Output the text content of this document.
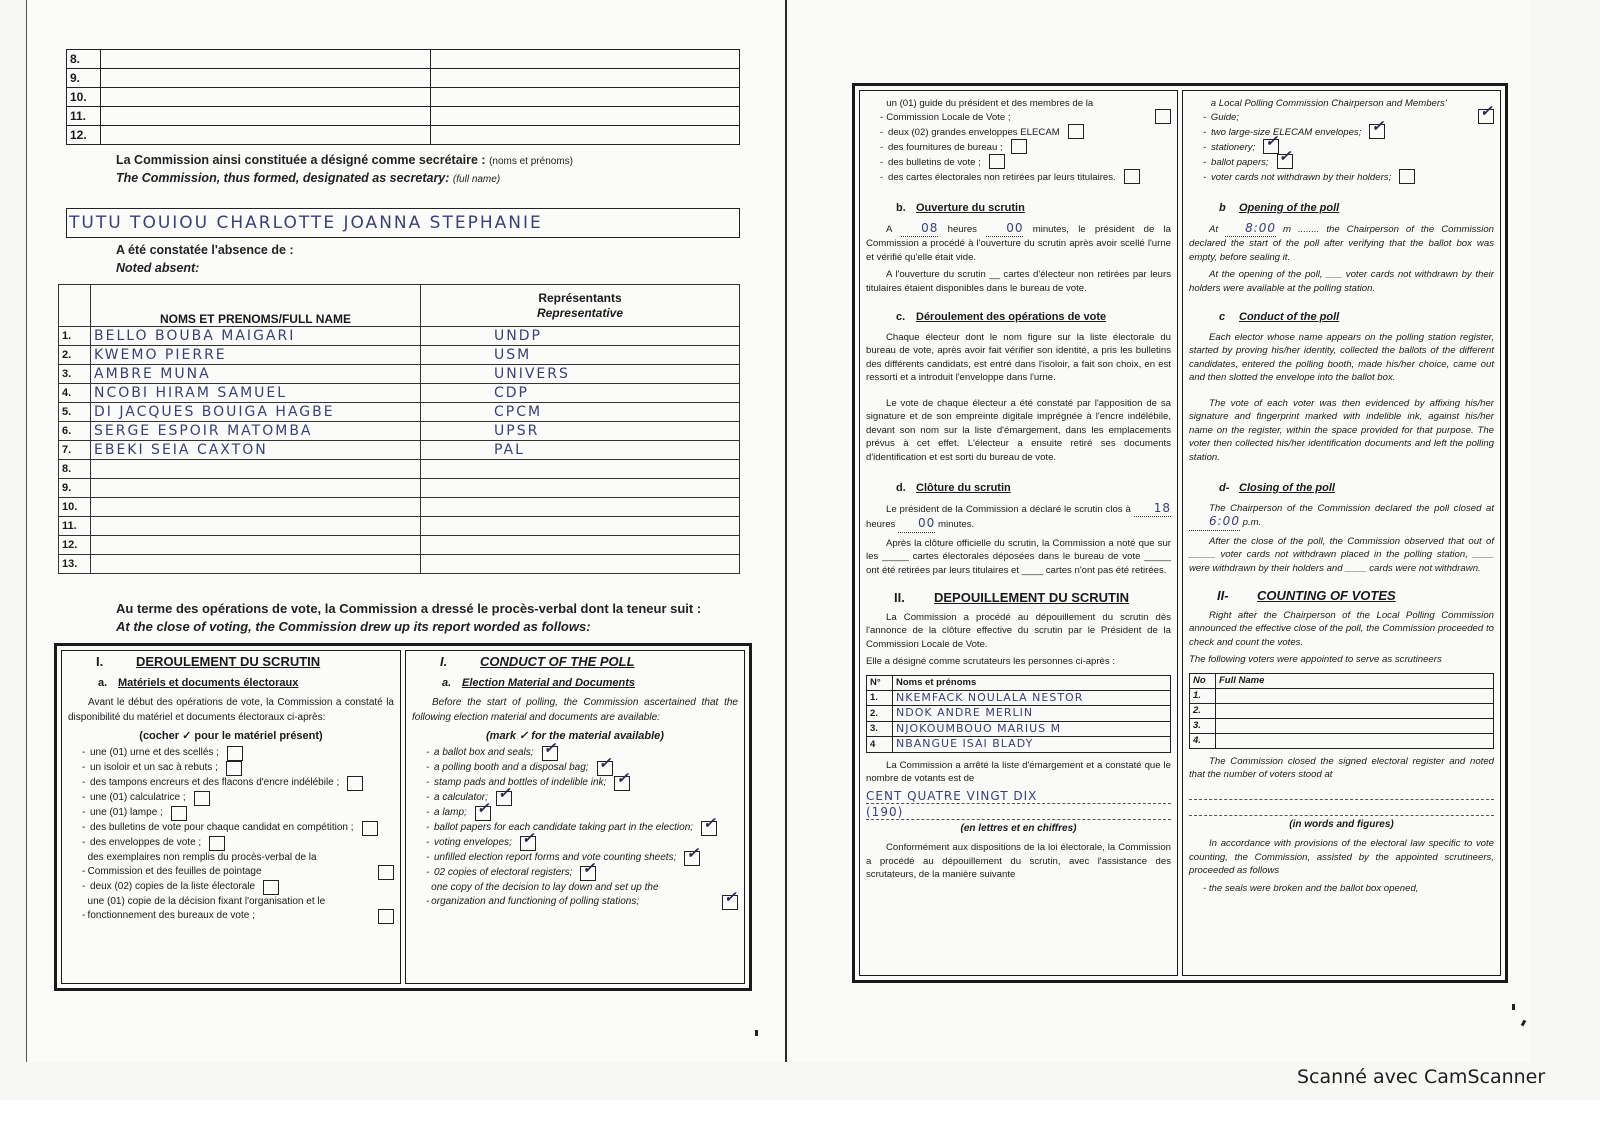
8.		
9.		
10.		
11.		
12.		
La Commission ainsi constituée a désigné comme secrétaire : (noms et prénoms)
The Commission, thus formed, designated as secretary: (full name)
TUTU TOUIOU CHARLOTTE JOANNA STEPHANIE
A été constatée l'absence de :
Noted absent:
	NOMS ET PRENOMS/FULL NAME	Représentants
Representative
1.	BELLO BOUBA MAIGARI	UNDP
2.	KWEMO PIERRE	USM
3.	AMBRE MUNA	UNIVERS
4.	NCOBI HIRAM SAMUEL	CDP
5.	DI JACQUES BOUIGA HAGBE	CPCM
6.	SERGE ESPOIR MATOMBA	UPSR
7.	EBEKI SEIA CAXTON	PAL
8.		
9.		
10.		
11.		
12.		
13.		
Au terme des opérations de vote, la Commission a dressé le procès-verbal dont la teneur suit :
At the close of voting, the Commission drew up its report worded as follows:
I.	DEROULEMENT DU SCRUTIN
a. Matériels et documents électoraux
Avant le début des opérations de vote, la Commission a constaté la disponibilité du matériel et documents électoraux ci-après:
(cocher ✓ pour le matériel présent)
- une (01) urne et des scellés ;
- un isoloir et un sac à rebuts ;
- des tampons encreurs et des flacons d'encre indélébile ;
- une (01) calculatrice ;
- une (01) lampe ;
- des bulletins de vote pour chaque candidat en compétition ;
- des enveloppes de vote ;
-
des exemplaires non remplis du procès-verbal de la Commission et des feuilles de pointage
- deux (02) copies de la liste électorale
-
une (01) copie de la décision fixant l'organisation et le fonctionnement des bureaux de vote ;
I.	CONDUCT OF THE POLL
a. Election Material and Documents
Before the start of polling, the Commission ascertained that the following election material and documents are available:
(mark ✓ for the material available)
- a ballot box and seals;
✓
- a polling booth and a disposal bag;
✓
- stamp pads and bottles of indelible ink;
✓
- a calculator;
✓
- a lamp;
✓
- ballot papers for each candidate taking part in the election;
✓
- voting envelopes;
✓
- unfilled election report forms and vote counting sheets;
✓
- 02 copies of electoral registers;
✓
-
one copy of the decision to lay down and set up the organization and functioning of polling stations;
✓
-
un (01) guide du président et des membres de la Commission Locale de Vote ;
- deux (02) grandes enveloppes ELECAM
- des fournitures de bureau ;
- des bulletins de vote ;
- des cartes électorales non retirées par leurs titulaires.
b. Ouverture du scrutin
A 08 heures 00 minutes, le président de la Commission a procédé à l'ouverture du scrutin après avoir scellé l'urne et vérifié qu'elle était vide.
A l'ouverture du scrutin __ cartes d'électeur non retirées par leurs titulaires étaient disponibles dans le bureau de vote.
c. Déroulement des opérations de vote
Chaque électeur dont le nom figure sur la liste électorale du bureau de vote, après avoir fait vérifier son identité, a pris les bulletins des différents candidats, est entré dans l'isoloir, a fait son choix, en est ressorti et a introduit l'enveloppe dans l'urne.
Le vote de chaque électeur a été constaté par l'apposition de sa signature et de son empreinte digitale imprégnée à l'encre indélébile, devant son nom sur la liste d'émargement, dans les emplacements prévus à cet effet. L'électeur a ensuite retiré ses documents d'identification et est sorti du bureau de vote.
d. Clôture du scrutin
Le président de la Commission a déclaré le scrutin clos à 18 heures 00 minutes.
Après la clôture officielle du scrutin, la Commission a noté que sur les _____ cartes électorales déposées dans le bureau de vote _____ ont été retirées par leurs titulaires et ____ cartes n'ont pas été retirées.
II.	DEPOUILLEMENT DU SCRUTIN
La Commission a procédé au dépouillement du scrutin dès l'annonce de la clôture effective du scrutin par le Président de la Commission Locale de Vote.
Elle a désigné comme scrutateurs les personnes ci-après :
N°	Noms et prénoms
1.	NKEMFACK NOULALA NESTOR
2.	NDOK ANDRE MERLIN
3.	NJOKOUMBOUO MARIUS M
4	NBANGUE ISAI BLADY
La Commission a arrêté la liste d'émargement et a constaté que le nombre de votants est de
CENT QUATRE VINGT DIX
(190)
(en lettres et en chiffres)
Conformément aux dispositions de la loi électorale, la Commission a procédé au dépouillement du scrutin, avec l'assistance des scrutateurs, de la manière suivante
-
a Local Polling Commission Chairperson and Members' Guide;
✓
- two large-size ELECAM envelopes;
✓
- stationery;
✓
- ballot papers;
✓
- voter cards not withdrawn by their holders;
b Opening of the poll
At 8:00 m ........ the Chairperson of the Commission declared the start of the poll after verifying that the ballot box was empty, before sealing it.
At the opening of the poll, ___ voter cards not withdrawn by their holders were available at the polling station.
c Conduct of the poll
Each elector whose name appears on the polling station register, started by proving his/her identity, collected the ballots of the different candidates, entered the polling booth, made his/her choice, came out and then slotted the envelope into the ballot box.
The vote of each voter was then evidenced by affixing his/her signature and fingerprint marked with indelible ink, against his/her name on the register, within the space provided for that purpose. The voter then collected his/her identification documents and left the polling station.
d- Closing of the poll
The Chairperson of the Commission declared the poll closed at 6:00 p.m.
After the close of the poll, the Commission observed that out of _____ voter cards not withdrawn placed in the polling station, ____ were withdrawn by their holders and ____ cards were not withdrawn.
II-	COUNTING OF VOTES
Right after the Chairperson of the Local Polling Commission announced the effective close of the poll, the Commission proceeded to check and count the votes.
The following voters were appointed to serve as scrutineers
No	Full Name
1.	
2.	
3.	
4.	
The Commission closed the signed electoral register and noted that the number of voters stood at
(in words and figures)
In accordance with provisions of the electoral law specific to vote counting, the Commission, assisted by the appointed scrutineers, proceeded as follows
- the seals were broken and the ballot box opened,
Scanné avec CamScanner
